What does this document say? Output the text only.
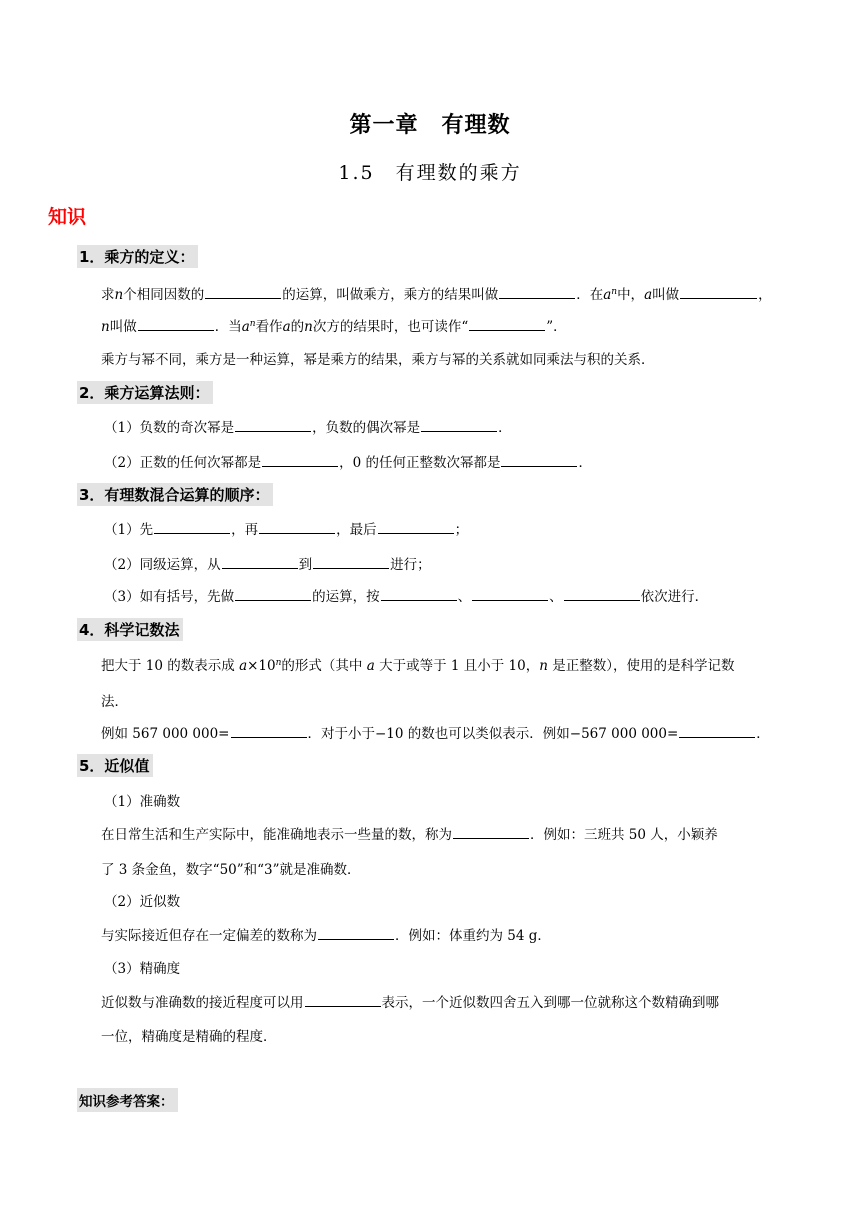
第一章　有理数
1.5　有理数的乘方
知识
1．乘方的定义：
求n个相同因数的	的运算，叫做乘方，乘方的结果叫做	．在$a^n$中，a叫做	，
n叫做	．当$a^n$看作a的n次方的结果时，也可读作“	”．
乘方与幂不同，乘方是一种运算，幂是乘方的结果，乘方与幂的关系就如同乘法与积的关系．
2．乘方运算法则：
（1）负数的奇次幂是	，负数的偶次幂是	．
（2）正数的任何次幂都是	，0 的任何正整数次幂都是	．
3．有理数混合运算的顺序：
（1）先	，再	，最后	；
（2）同级运算，从	到	进行；
（3）如有括号，先做	的运算，按	、	、	依次进行．
4．科学记数法
把大于 10 的数表示成 $a\times 10^n$的形式（其中 a 大于或等于 1 且小于 10，n 是正整数），使用的是科学记数
法．
例如 567 000 000=	．对于小于−10 的数也可以类似表示．例如−567 000 000=	．
5．近似值
（1）准确数
在日常生活和生产实际中，能准确地表示一些量的数，称为	．例如：三班共 50 人，小颖养
了 3 条金鱼，数字“50”和“3”就是准确数．
（2）近似数
与实际接近但存在一定偏差的数称为	．例如：体重约为 54 g．
（3）精确度
近似数与准确数的接近程度可以用	表示，一个近似数四舍五入到哪一位就称这个数精确到哪
一位，精确度是精确的程度．
知识参考答案：
